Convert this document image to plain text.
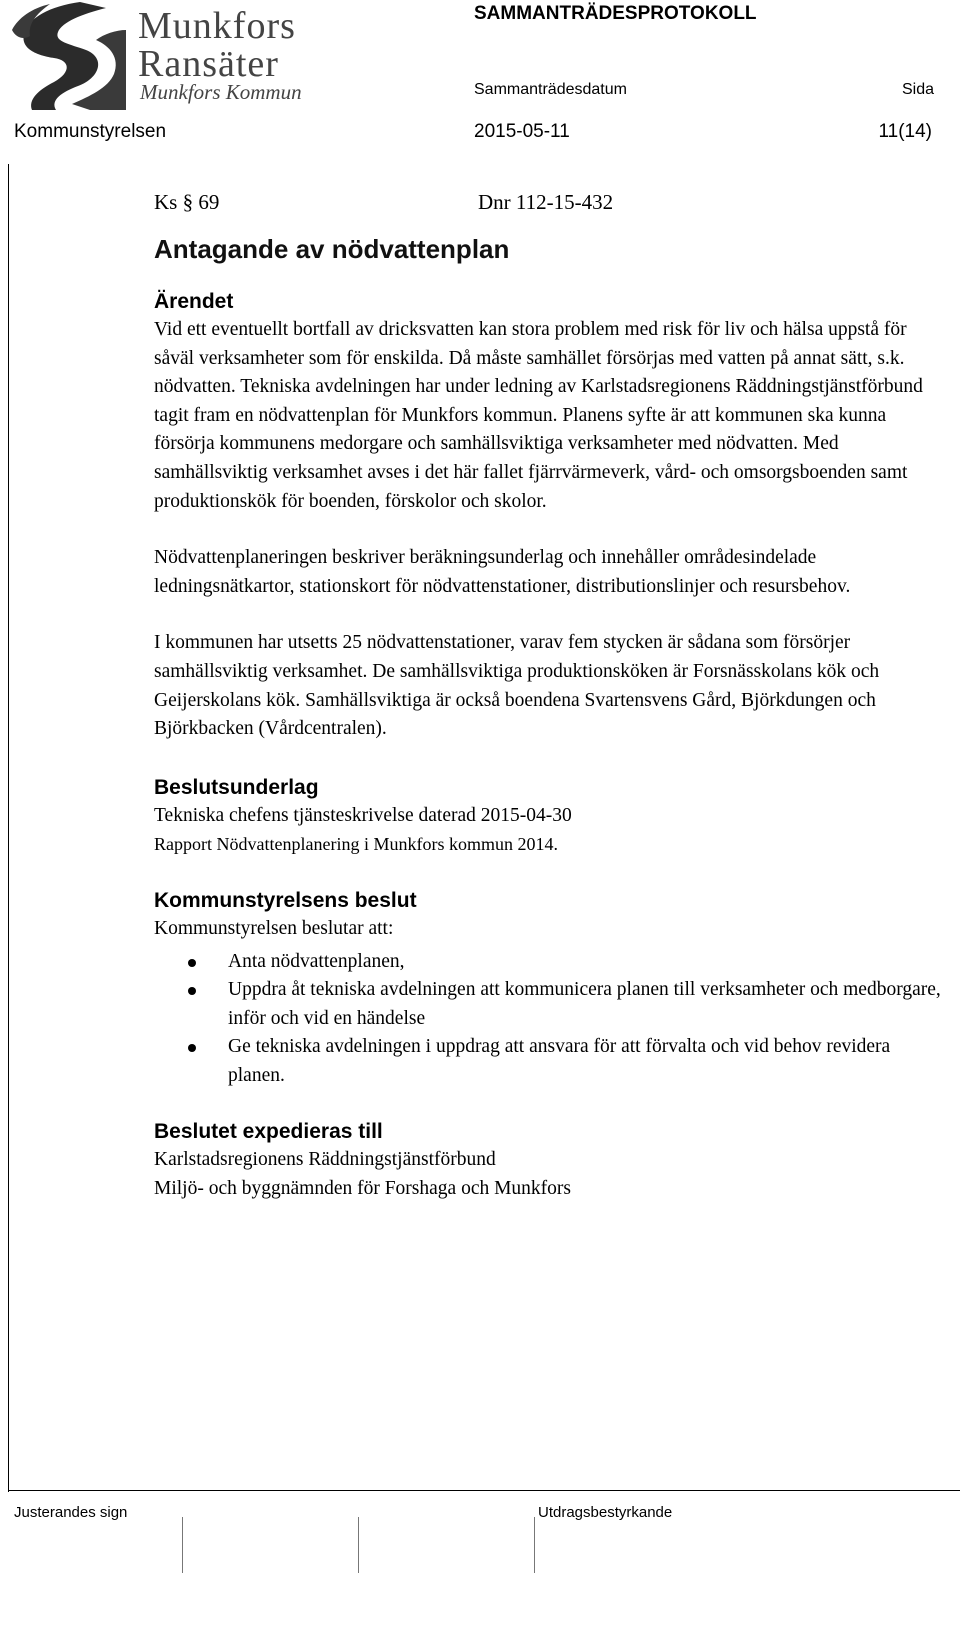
Munkfors
Ransäter
Munkfors Kommun
SAMMANTRÄDESPROTOKOLL
Sammanträdesdatum	Sida
Kommunstyrelsen	2015-05-11	11(14)
Ks § 69	Dnr 112-15-432
Antagande av nödvattenplan
Ärendet

Vid ett eventuellt bortfall av dricksvatten kan stora problem med risk för liv och hälsa uppstå för såväl verksamheter som för enskilda. Då måste samhället försörjas med vatten på annat sätt, s.k. nödvatten. Tekniska avdelningen har under ledning av Karlstadsregionens Räddningstjänstförbund tagit fram en nödvattenplan för Munkfors kommun. Planens syfte är att kommunen ska kunna försörja kommunens medorgare och samhällsviktiga verksamheter med nödvatten. Med samhällsviktig verksamhet avses i det här fallet fjärrvärmeverk, vård- och omsorgsboenden samt produktionskök för boenden, förskolor och skolor.

Nödvattenplaneringen beskriver beräkningsunderlag och innehåller områdesindelade ledningsnätkartor, stationskort för nödvattenstationer, distributionslinjer och resursbehov.

I kommunen har utsetts 25 nödvattenstationer, varav fem stycken är sådana som försörjer samhällsviktig verksamhet. De samhällsviktiga produktionsköken är Forsnässkolans kök och Geijerskolans kök. Samhällsviktiga är också boendena Svartensvens Gård, Björkdungen och Björkbacken (Vårdcentralen).

Beslutsunderlag

Tekniska chefens tjänsteskrivelse daterad 2015-04-30

Rapport Nödvattenplanering i Munkfors kommun 2014.

Kommunstyrelsens beslut

Kommunstyrelsen beslutar att:

Anta nödvattenplanen,
Uppdra åt tekniska avdelningen att kommunicera planen till verksamheter och medborgare, inför och vid en händelse
Ge tekniska avdelningen i uppdrag att ansvara för att förvalta och vid behov revidera planen.
Beslutet expedieras till

Karlstadsregionens Räddningstjänstförbund

Miljö- och byggnämnden för Forshaga och Munkfors

Justerandes sign	Utdragsbestyrkande
